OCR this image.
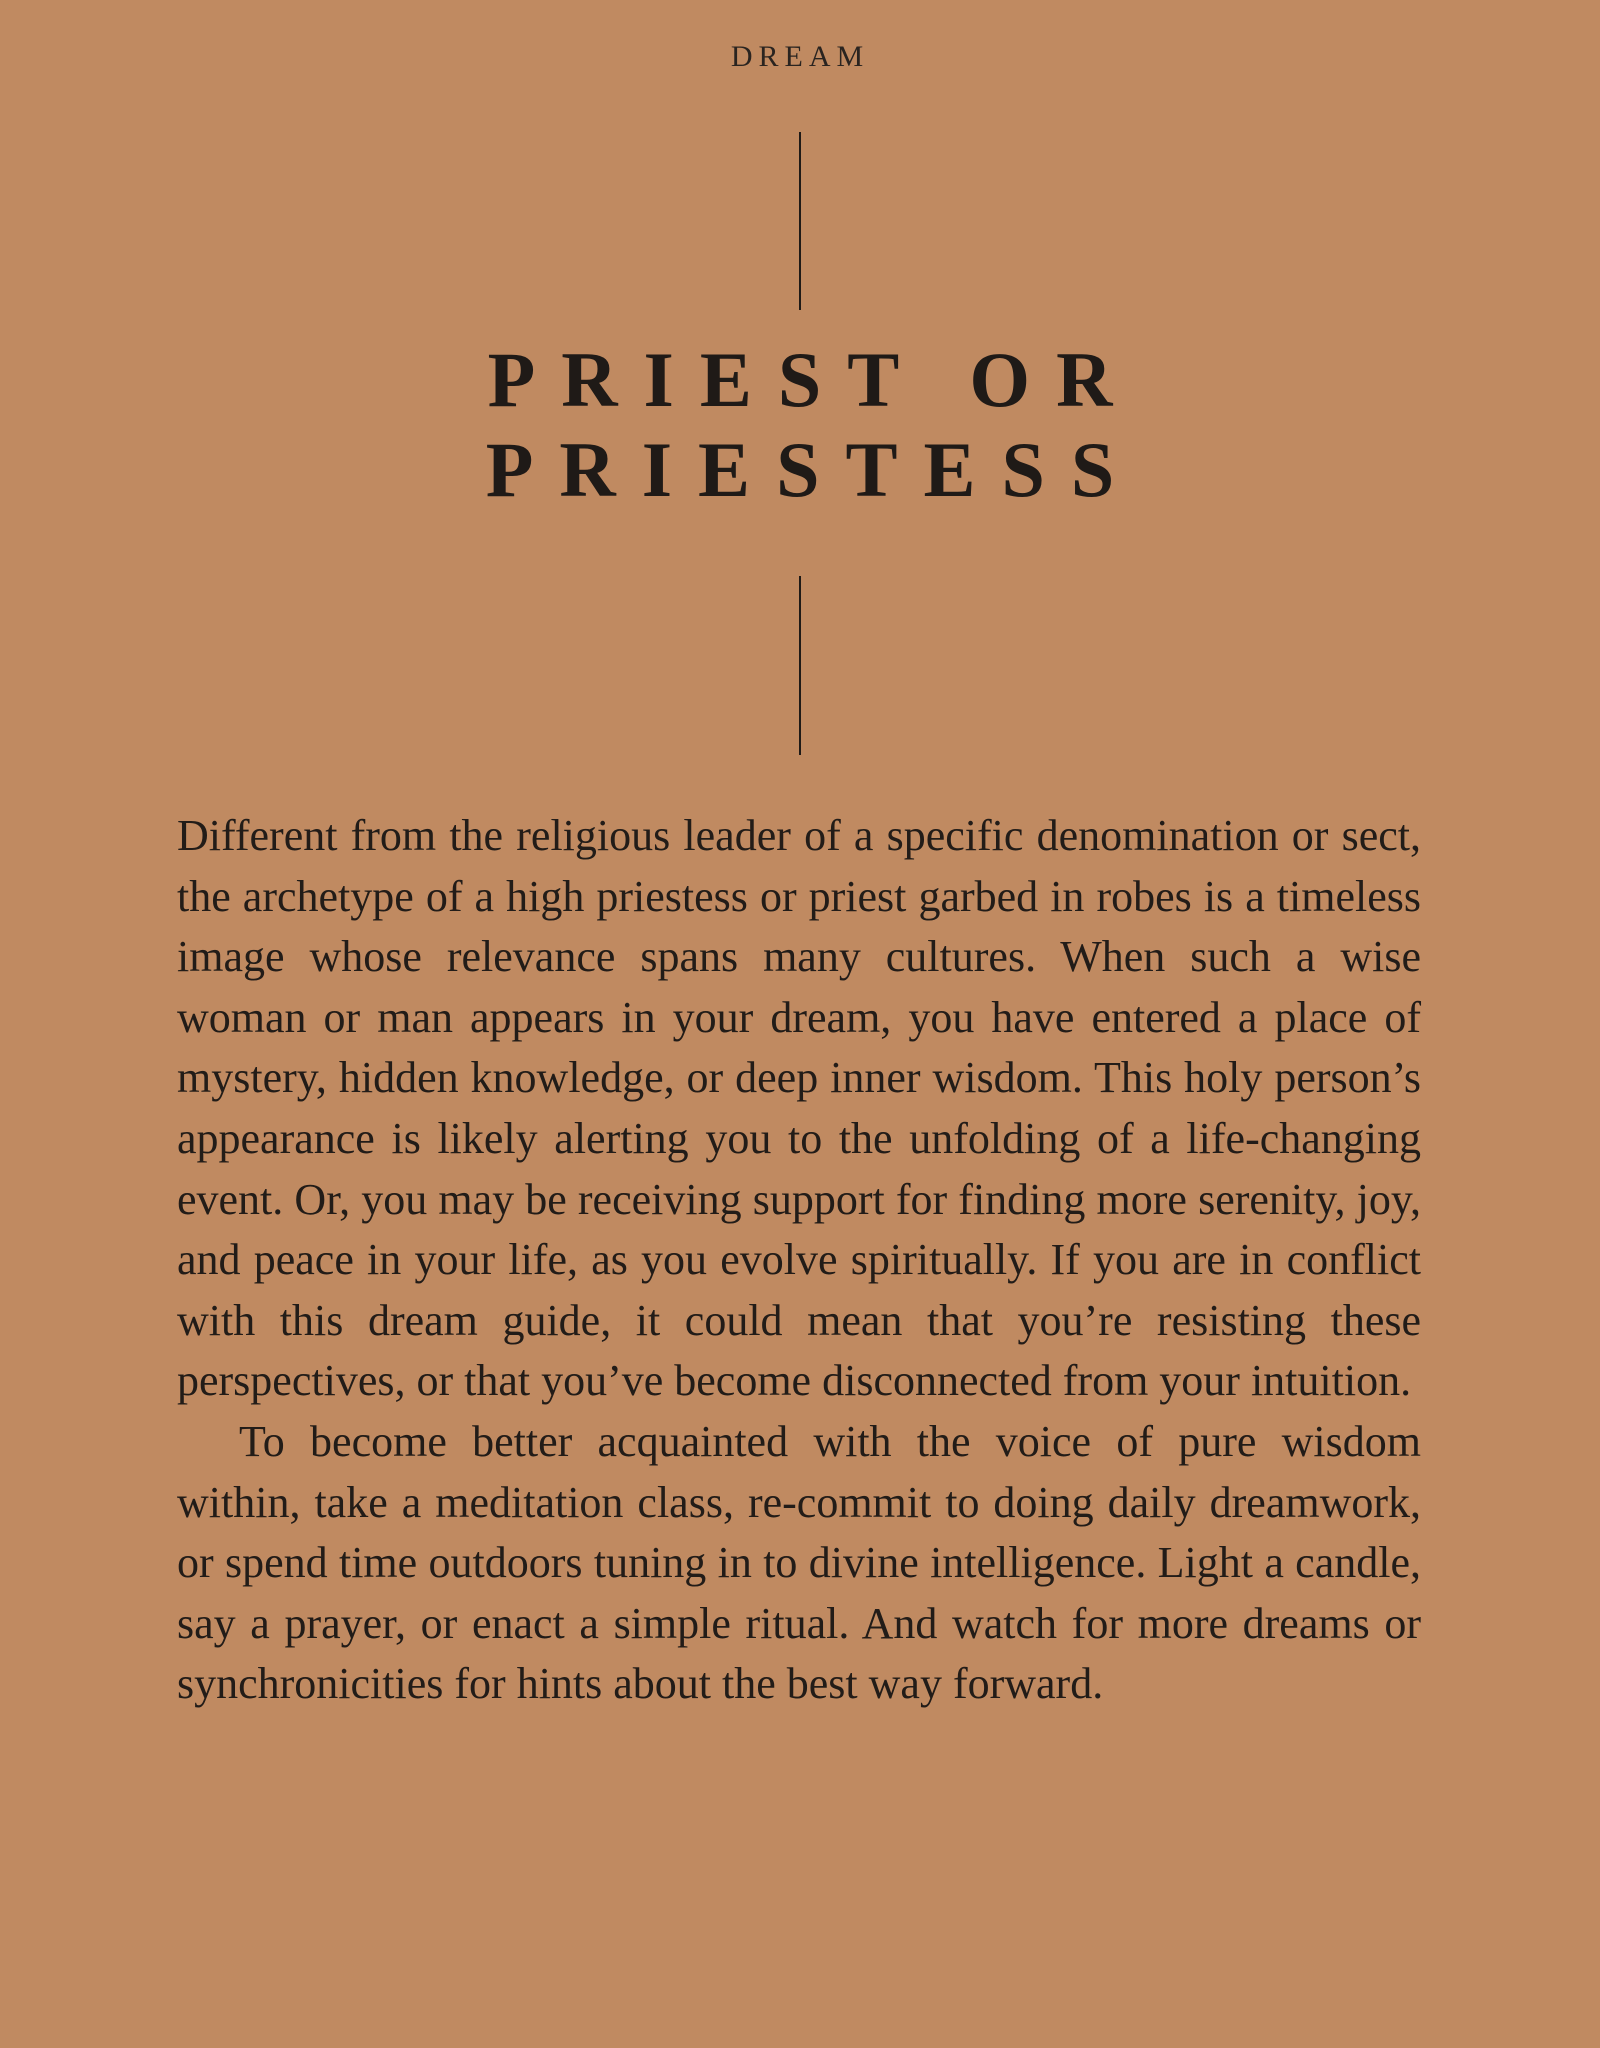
DREAM
PRIEST OR
PRIESTESS

Different from the religious leader of a specific denomination or sect, the archetype of a high priestess or priest garbed in robes is a timeless image whose relevance spans many cultures. When such a wise woman or man appears in your dream, you have entered a place of mystery, hidden knowledge, or deep inner wisdom. This holy person’s appearance is likely alerting you to the unfolding of a life-changing event. Or, you may be receiving support for finding more serenity, joy, and peace in your life, as you evolve spiritually. If you are in conflict with this dream guide, it could mean that you’re resisting these perspectives, or that you’ve become disconnected from your intuition.

To become better acquainted with the voice of pure wisdom within, take a meditation class, re-commit to doing daily dreamwork, or spend time outdoors tuning in to divine intelligence. Light a candle, say a prayer, or enact a simple ritual. And watch for more dreams or synchronicities for hints about the best way forward.
